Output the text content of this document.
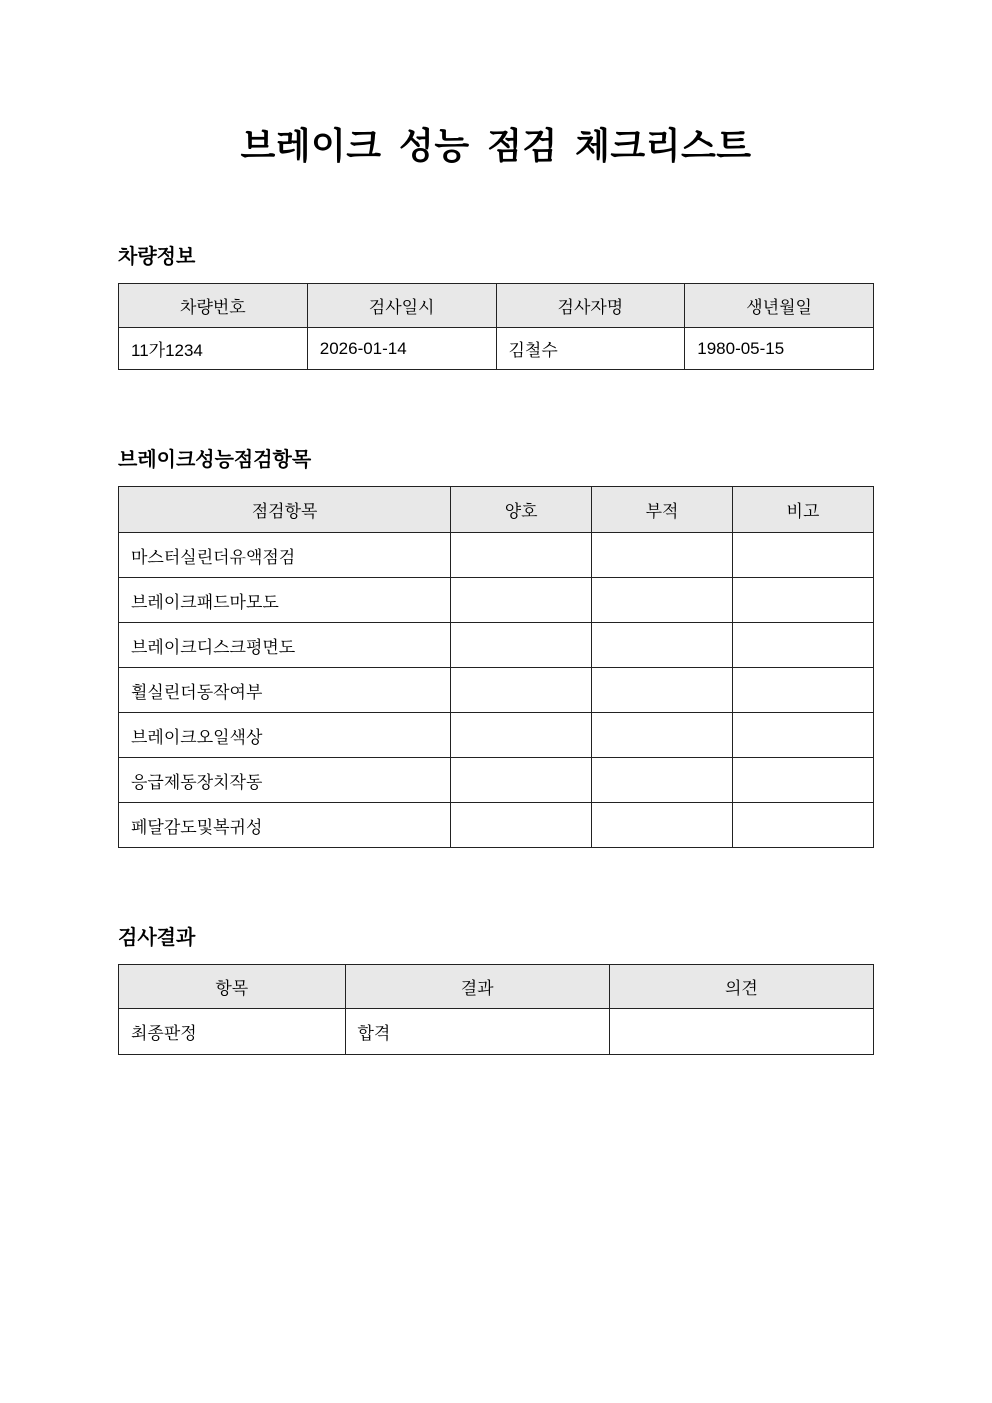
브레이크 성능 점검 체크리스트
차량정보
차량번호	검사일시	검사자명	생년월일
11가1234	2026-01-14	김철수	1980-05-15
브레이크성능점검항목
점검항목	양호	부적	비고
마스터실린더유액점검			
브레이크패드마모도			
브레이크디스크평면도			
휠실린더동작여부			
브레이크오일색상			
응급제동장치작동			
페달감도및복귀성			
검사결과
항목	결과	의견
최종판정	합격	
